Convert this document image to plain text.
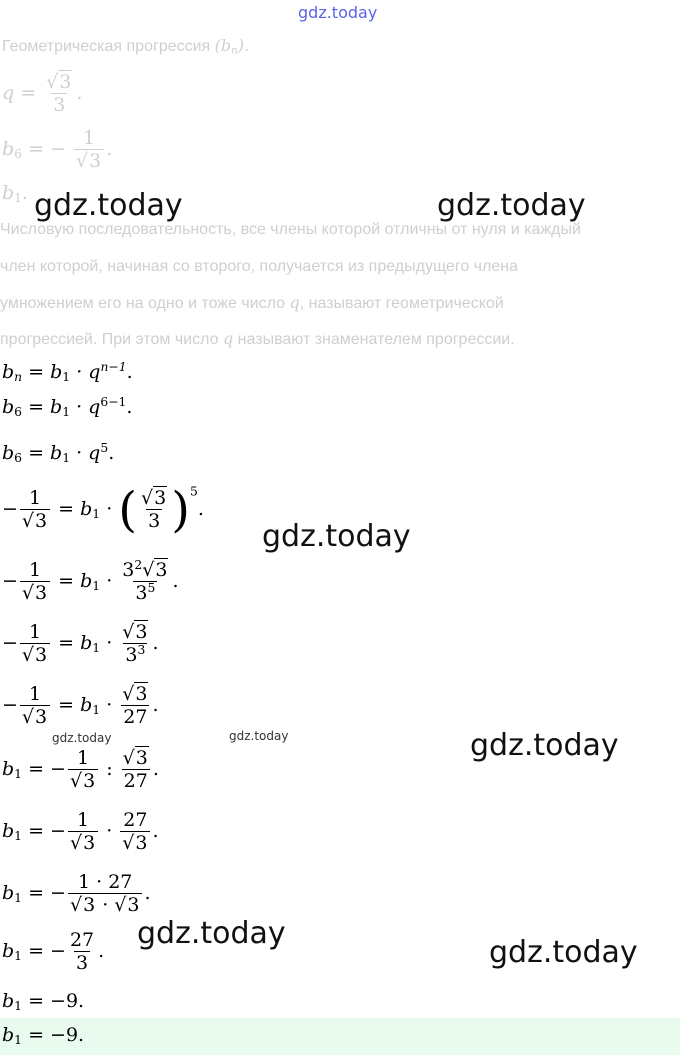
gdz.today
Геометрическая прогрессия $(b_n)$.
$q = \frac{√3}{3}$ .
$b_6$ = − $\frac{1}{√3}$ .
$b_1$.
Числовую последовательность, все члены которой отличны от нуля и каждый
член которой, начиная со второго, получается из предыдущего члена
умножением его на одно и тоже число q, называют геометрической
прогрессией. При этом число q называют знаменателем прогрессии.
$b_n = b_1 \cdot q^{n-1}$.
$b_6 = b_1 \cdot q^{6-1}$.
$b_6 = b_1 \cdot q^5$.
− $\frac{1}{√3} = b_1$ · ( $\frac{√3}{3} )^5$.
− $\frac{1}{√3} = b_1 \cdot \frac{3^2√3}{3^5}$ .
− $\frac{1}{√3} = b_1 \cdot \frac{√3}{3^3}$ .
− $\frac{1}{√3} = b_1 \cdot \frac{√3}{27}$ .
$b_1$ = − $\frac{1}{√3}$ : $\frac{√3}{27}$ .
$b_1$ = − $\frac{1}{√3} \cdot \frac{27}{√3}$ .
$b_1$ = − $\frac{1 \cdot 27}{√3 \cdot √3}$ .
$b_1$ = − $\frac{27}{3}$ .
$b_1 = -9$.
$b_1 = -9$.
gdz.today	gdz.today
gdz.today
gdz.today
gdz.today
gdz.today
gdz.today	gdz.today
